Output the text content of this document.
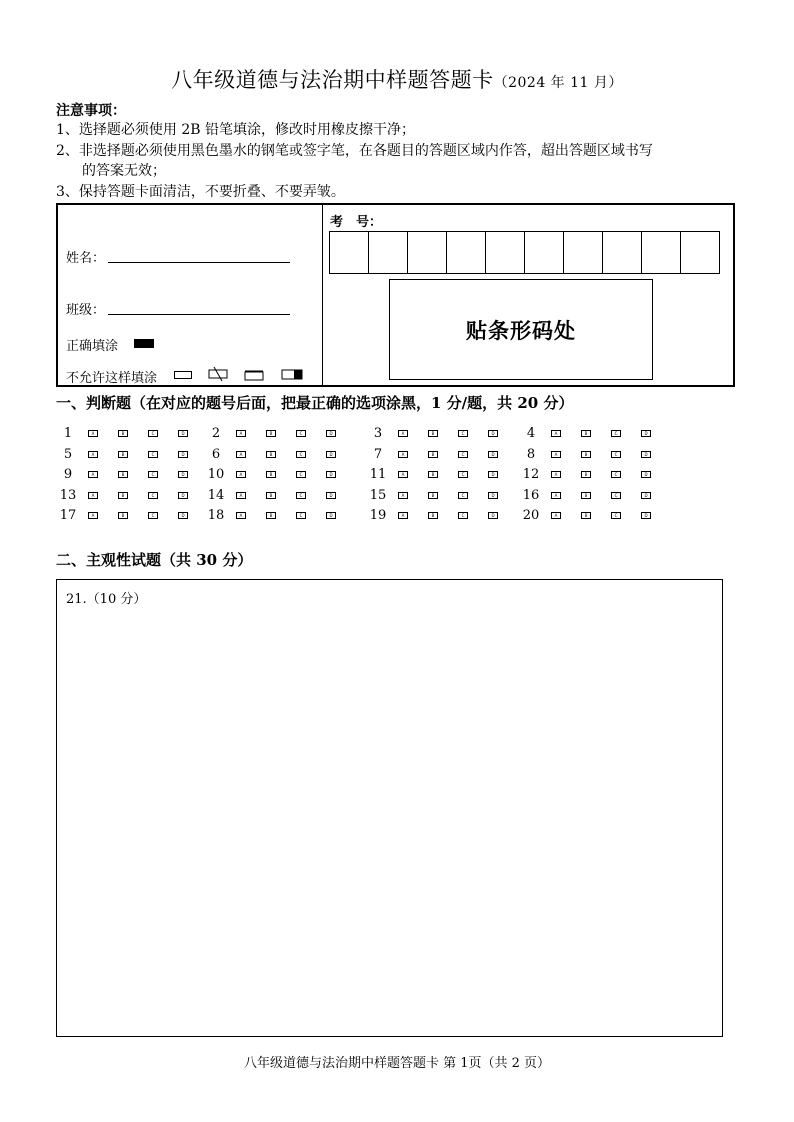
八年级道德与法治期中样题答题卡（2024 年 11 月）
注意事项：
1、选择题必须使用 2B 铅笔填涂，修改时用橡皮擦干净；
2、非选择题必须使用黑色墨水的钢笔或签字笔，在各题目的答题区域内作答，超出答题区域书写
的答案无效；
3、保持答题卡面清洁，不要折叠、不要弄皱。
姓名：
班级：
正确填涂
不允许这样填涂
考　号：
贴条形码处
一、判断题（在对应的题号后面，把最正确的选项涂黑，1 分/题，共 20 分）
1	A	B	C	D	2	A	B	C	D	3	A	B	C	D	4	A	B	C	D
5	A	B	C	D	6	A	B	C	D	7	A	B	C	D	8	A	B	C	D
9	A	B	C	D 10	A	B	C	D	11	A	B	C	D 12	A	B	C	D
13	A	B	C	D 14	A	B	C	D	15	A	B	C	D 16	A	B	C	D
17	A	B	C	D 18	A	B	C	D	19	A	B	C	D 20	A	B	C	D
二、主观性试题（共 30 分）
21.（10 分）
八年级道德与法治期中样题答题卡 第 1页（共 2 页）
